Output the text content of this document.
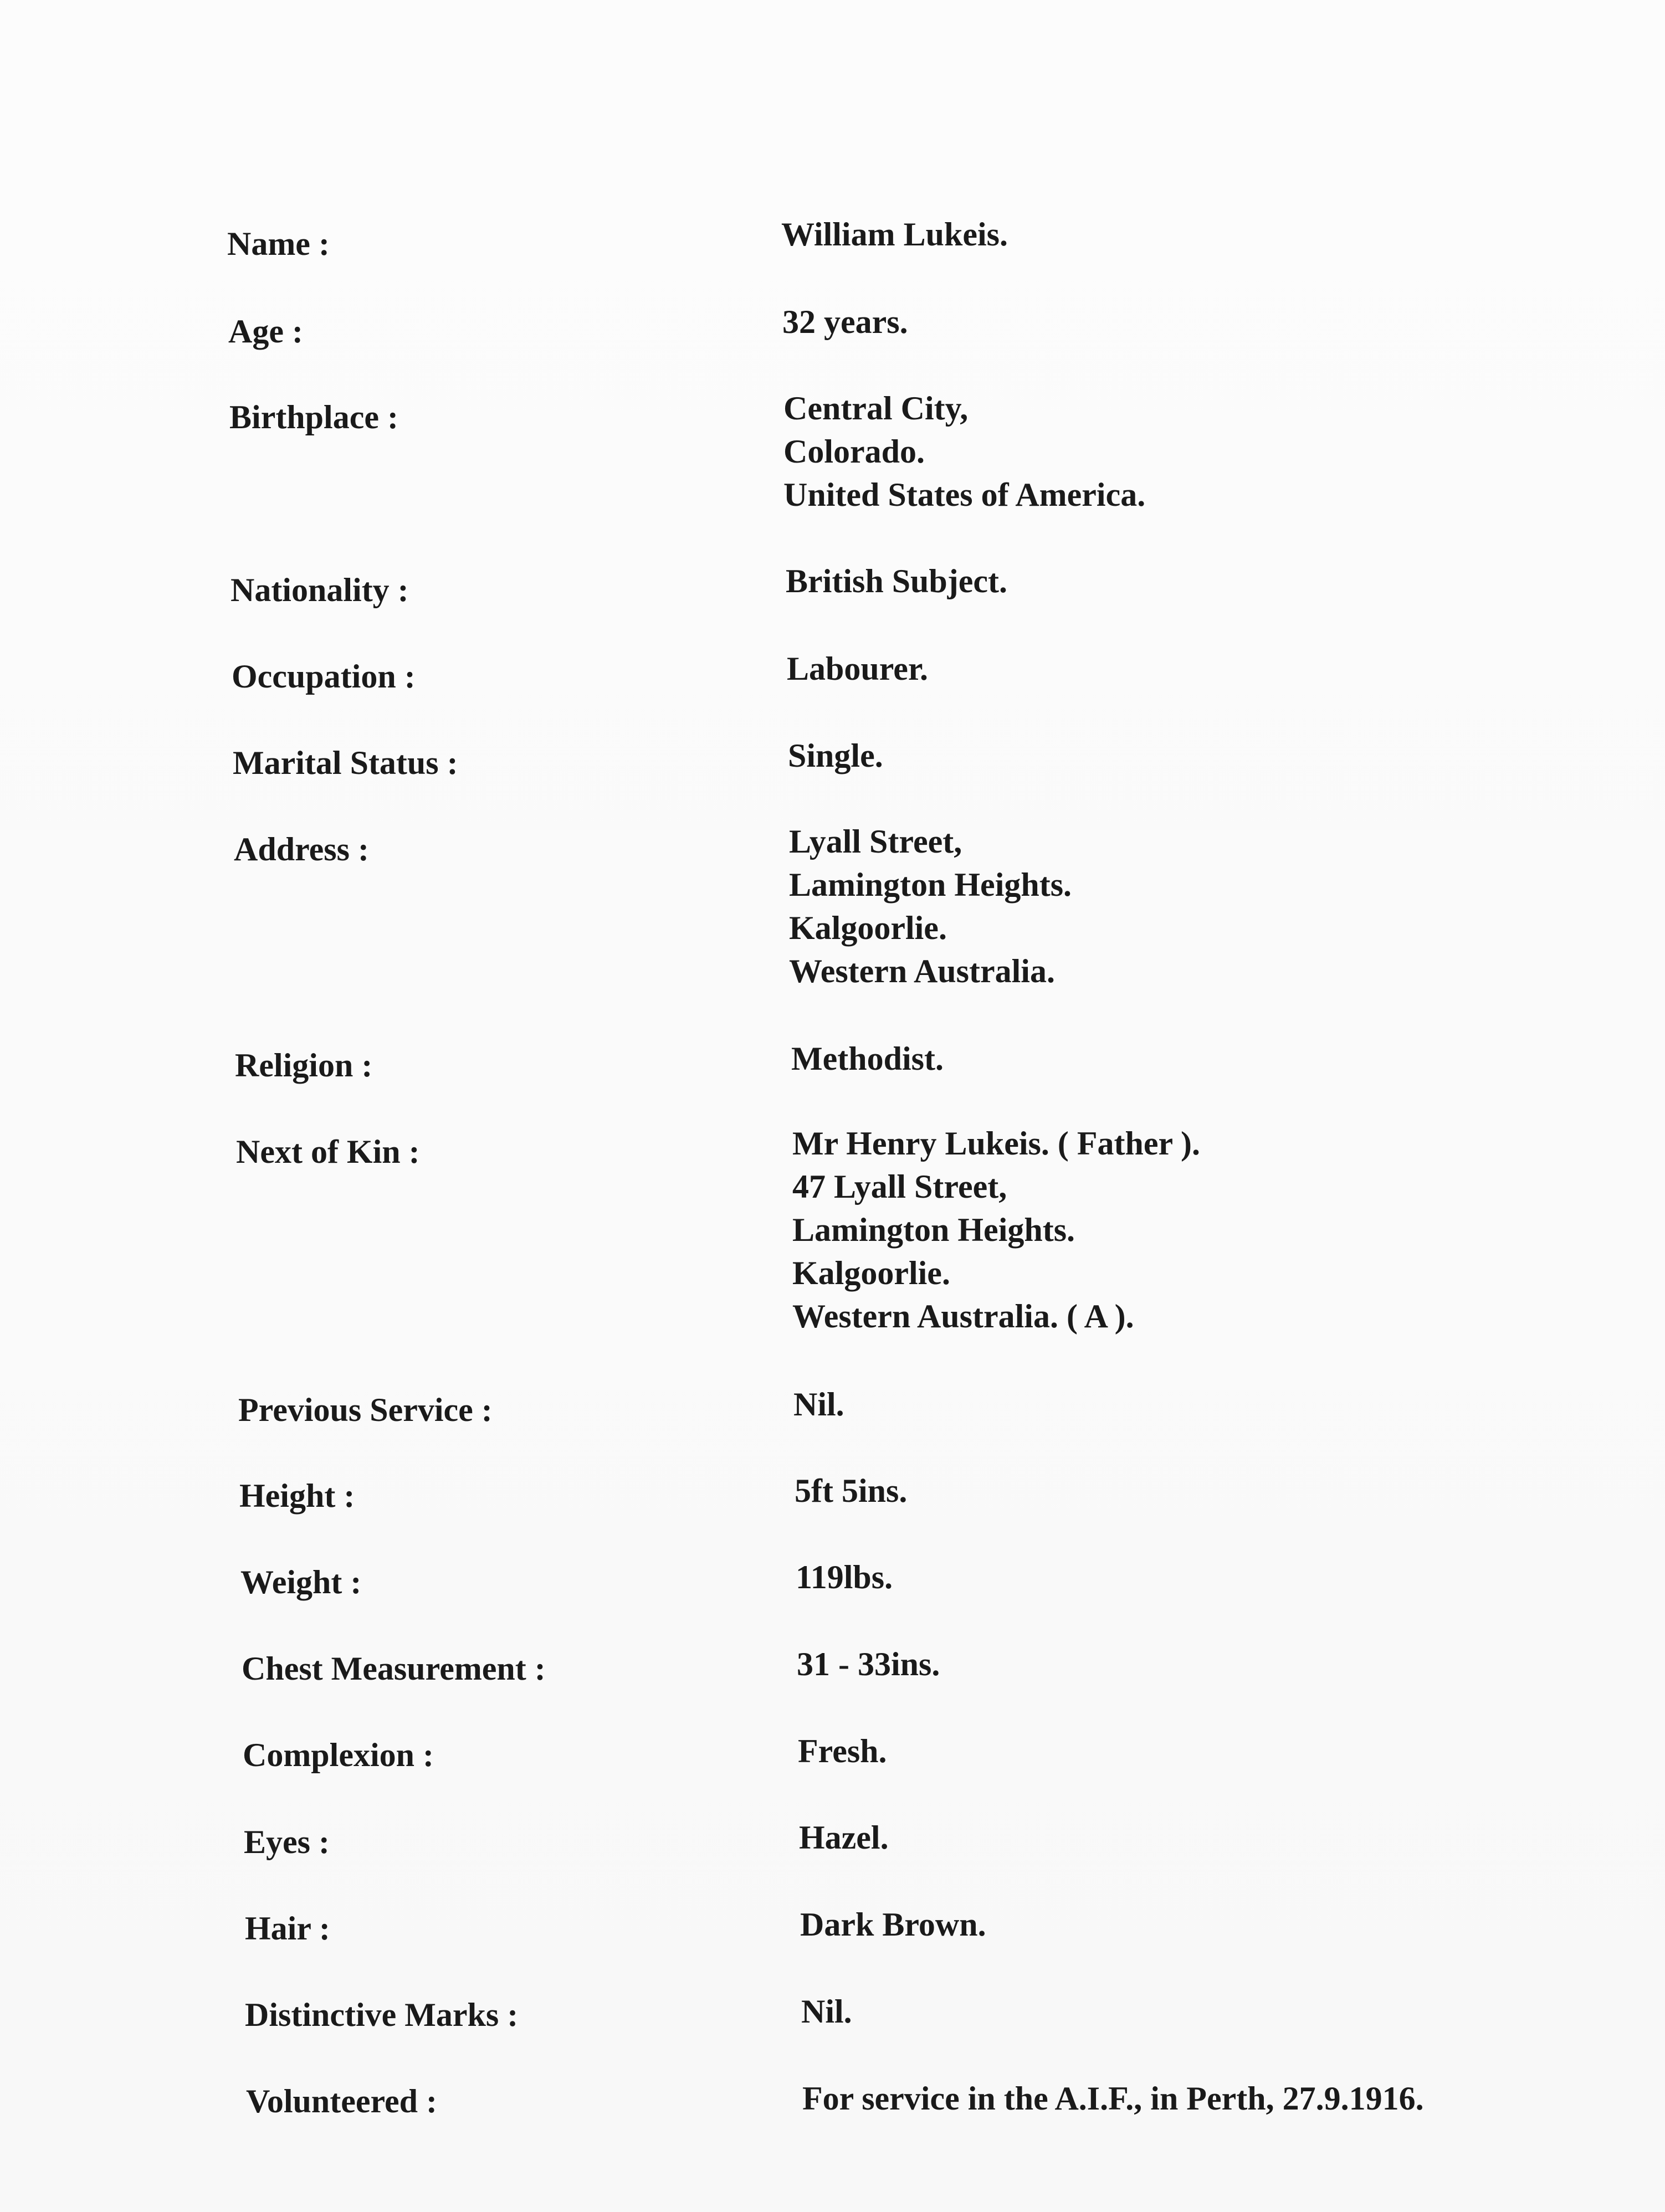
Name :	William Lukeis.
Age :	32 years.
Birthplace :	Central City,
Colorado.
United States of America.
Nationality :	British Subject.
Occupation :	Labourer.
Marital Status :	Single.
Address :	Lyall Street,
Lamington Heights.
Kalgoorlie.
Western Australia.
Religion :	Methodist.
Next of Kin :	Mr Henry Lukeis. ( Father ).
47 Lyall Street,
Lamington Heights.
Kalgoorlie.
Western Australia. ( A ).
Previous Service :	Nil.
Height :	5ft 5ins.
Weight :	119lbs.
Chest Measurement :	31 - 33ins.
Complexion :	Fresh.
Eyes :	Hazel.
Hair :	Dark Brown.
Distinctive Marks :	Nil.
Volunteered :	For service in the A.I.F., in Perth, 27.9.1916.
